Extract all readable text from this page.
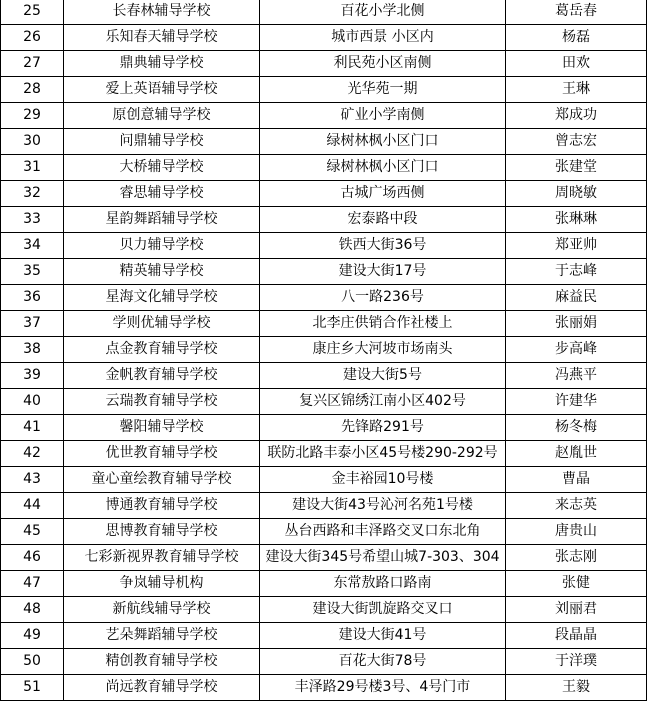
25	长春林辅导学校	百花小学北侧	葛岳春
26	乐知春天辅导学校	城市西景 小区内	杨磊
27	鼎典辅导学校	利民苑小区南侧	田欢
28	爱上英语辅导学校	光华苑一期	王琳
29	原创意辅导学校	矿业小学南侧	郑成功
30	问鼎辅导学校	绿树林枫小区门口	曾志宏
31	大桥辅导学校	绿树林枫小区门口	张建堂
32	睿思辅导学校	古城广场西侧	周晓敏
33	星韵舞蹈辅导学校	宏泰路中段	张琳琳
34	贝力辅导学校	铁西大街36号	郑亚帅
35	精英辅导学校	建设大街17号	于志峰
36	星海文化辅导学校	八一路236号	麻益民
37	学则优辅导学校	北李庄供销合作社楼上	张丽娟
38	点金教育辅导学校	康庄乡大河坡市场南头	步高峰
39	金帆教育辅导学校	建设大街5号	冯燕平
40	云瑞教育辅导学校	复兴区锦绣江南小区402号	许建华
41	馨阳辅导学校	先锋路291号	杨冬梅
42	优世教育辅导学校	联防北路丰泰小区45号楼290-292号	赵胤世
43	童心童绘教育辅导学校	金丰裕园10号楼	曹晶
44	博通教育辅导学校	建设大街43号沁河名苑1号楼	来志英
45	思博教育辅导学校	丛台西路和丰泽路交叉口东北角	唐贵山
46	七彩新视界教育辅导学校	建设大街345号希望山城7-303、304	张志刚
47	争岚辅导机构	东常敖路口路南	张健
48	新航线辅导学校	建设大街凯旋路交叉口	刘丽君
49	艺朵舞蹈辅导学校	建设大街41号	段晶晶
50	精创教育辅导学校	百花大街78号	于洋璞
51	尚远教育辅导学校	丰泽路29号楼3号、4号门市	王毅
